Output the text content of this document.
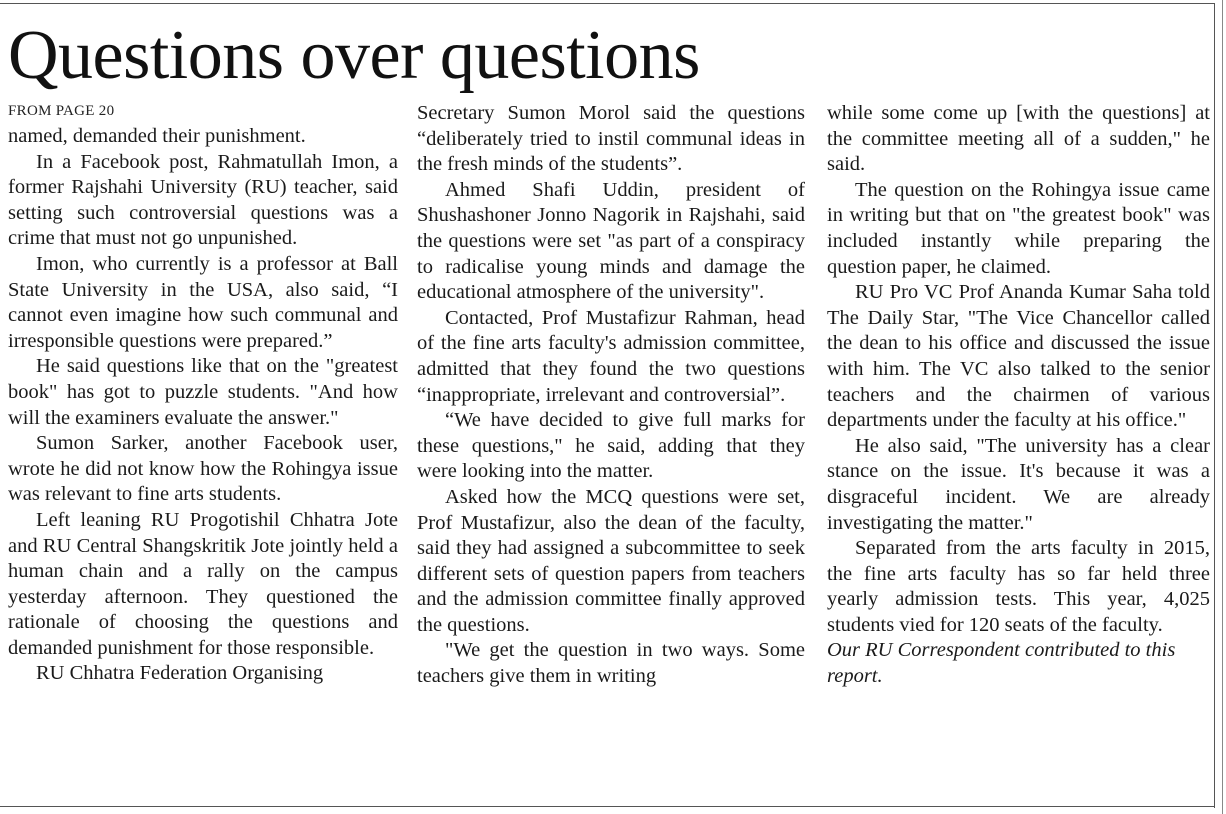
Questions over questions
FROM PAGE 20

named, demanded their punishment.

In a Facebook post, Rahmatullah Imon, a former Rajshahi University (RU) teacher, said setting such controversial questions was a crime that must not go unpunished.

Imon, who currently is a professor at Ball State University in the USA, also said, “I cannot even imagine how such communal and irresponsible questions were prepared.”

He said questions like that on the "greatest book" has got to puzzle students. "And how will the examiners evaluate the answer."

Sumon Sarker, another Facebook user, wrote he did not know how the Rohingya issue was relevant to fine arts students.

Left leaning RU Progotishil Chhatra Jote and RU Central Shangskritik Jote jointly held a human chain and a rally on the campus yesterday afternoon. They questioned the rationale of choosing the questions and demanded punishment for those responsible.

RU Chhatra Federation Organising

Secretary Sumon Morol said the questions “deliberately tried to instil communal ideas in the fresh minds of the students”.

Ahmed Shafi Uddin, president of Shushashoner Jonno Nagorik in Rajshahi, said the questions were set "as part of a conspiracy to radicalise young minds and damage the educational atmosphere of the university".

Contacted, Prof Mustafizur Rahman, head of the fine arts faculty's admission committee, admitted that they found the two questions “inappropriate, irrelevant and controversial”.

“We have decided to give full marks for these questions," he said, adding that they were looking into the matter.

Asked how the MCQ questions were set, Prof Mustafizur, also the dean of the faculty, said they had assigned a subcommittee to seek different sets of question papers from teachers and the admission committee finally approved the questions.

"We get the question in two ways. Some teachers give them in writing

while some come up [with the questions] at the committee meeting all of a sudden," he said.

The question on the Rohingya issue came in writing but that on "the greatest book" was included instantly while preparing the question paper, he claimed.

RU Pro VC Prof Ananda Kumar Saha told The Daily Star, "The Vice Chancellor called the dean to his office and discussed the issue with him. The VC also talked to the senior teachers and the chairmen of various departments under the faculty at his office."

He also said, "The university has a clear stance on the issue. It's because it was a disgraceful incident. We are already investigating the matter."

Separated from the arts faculty in 2015, the fine arts faculty has so far held three yearly admission tests. This year, 4,025 students vied for 120 seats of the faculty.

Our RU Correspondent contributed to this report.
